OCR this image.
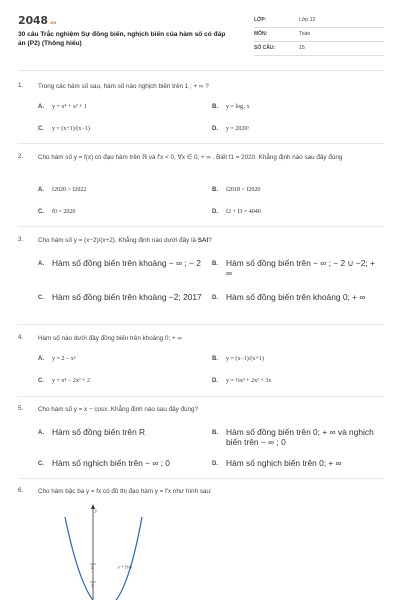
2048.vn
30 câu Trắc nghiệm Sự đồng biến, nghịch biến của hàm số có đáp án (P2) (Thông hiểu)
LỚP:	Lớp 12
MÔN:	Toán
SỐ CÂU:	15
1. Trong các hàm số sau, hàm số nào nghịch biến trên 1 ; + ∞ ?
A. y = x⁴ + x² + 1	B. y = log₂ x
C. y = (x+1)/(x−1)	D. y = 2020ˣ
2. Cho hàm số y = f(x) có đạo hàm trên ℝ và f′x < 0, ∀x ∈ 0; + ∞ . Biết f1 = 2020. Khẳng định nào sau đây đúng
A. f2020 > f2022	B. f2018 < f2020
C. f0 = 2020	D. f2 + f3 = 4040
3. Cho hàm số y = (x−2)/(x+2). Khẳng định nào dưới đây là SAI?
A. Hàm số đồng biến trên khoảng − ∞ ; − 2 B. Hàm số đồng biến trên − ∞ ; − 2 ∪ −2; + ∞
C. Hàm số đồng biến trên khoảng −2; 2017 D. Hàm số đồng biến trên khoảng 0; + ∞
4. Hàm số nào dưới đây đồng biến trên khoảng 0; + ∞
A. y = 2 − x²	B. y = (x−1)/(x+1)
C. y = x⁴ − 2x² + 2	D. y = ⅓x³ + 2x² + 3x
5. Cho hàm số y = x − cosx. Khẳng định nào sau đây đúng?
A. Hàm số đồng biến trên R	B. Hàm số đồng biến trên 0; + ∞ và nghịch biến trên − ∞ ; 0
C. Hàm số nghịch biến trên − ∞ ; 0	D. Hàm số nghịch biến trên 0; + ∞
6. Cho hàm bậc ba y = fx có đồ thị đạo hàm y = f′x như hình sau:
y
2
1
y = f′(x)
